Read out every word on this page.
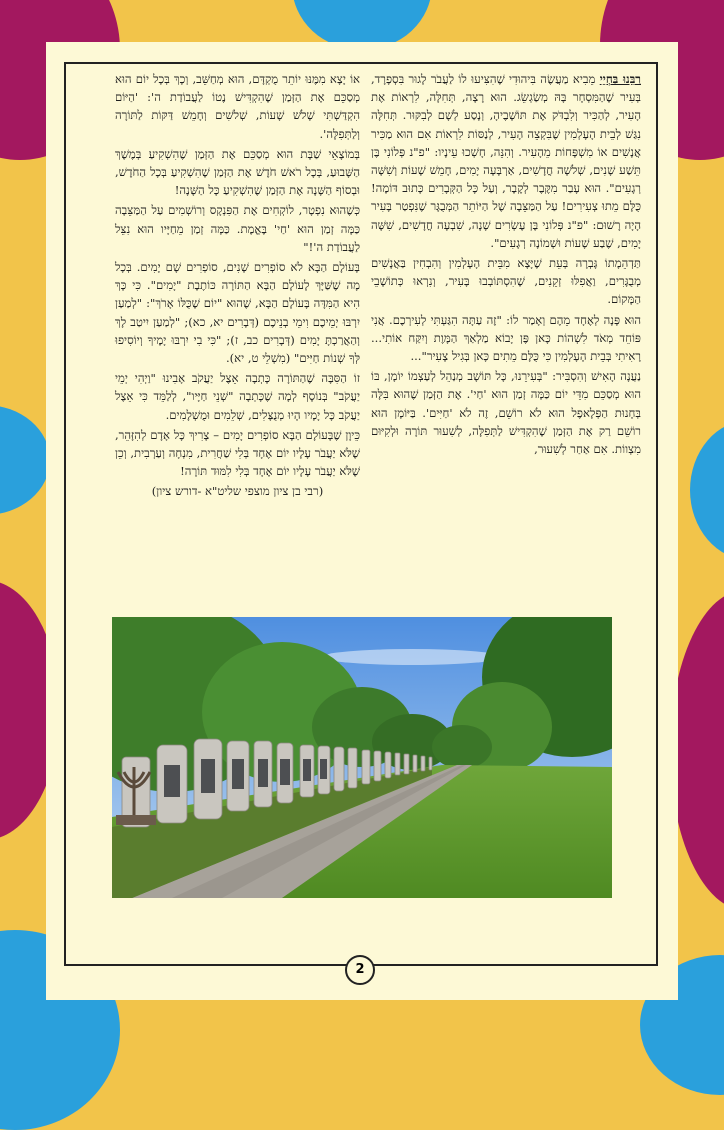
רַבֵּנוּ בַּחְיֵי מֵבִיא מַעֲשֶׂה בִּיהוּדִי שֶׁהִצִּיעוּ לוֹ לַעֲבֹר לָגוּר בִּסְפָרָד, בְּעִיר שֶׁהַמִּסְחָר בָּהּ מְשַׂגְשֵׂג. הוּא רָצָה, תְּחִלָּה, לִרְאוֹת אֶת הָעִיר, לְהַכִּיר וְלִבְדֹּק אֶת תּוֹשָׁבֶיהָ, וְנָסַע לְשָׁם לְבִקּוּר. תְּחִלָּה נִגַּשׁ לְבֵית הָעָלְמִין שֶׁבִּקְצֵה הָעִיר, לְנַסּוֹת לִרְאוֹת אִם הוּא מַכִּיר אֲנָשִׁים אוֹ מִשְׁפָּחוֹת מֵהָעִיר. וְהִנֵּה, חָשְׁכוּ עֵינָיו: "פ"נ פְּלוֹנִי בֶּן תֵּשַׁע שָׁנִים, שְׁלֹשָׁה חֳדָשִׁים, אַרְבָּעָה יָמִים, חָמֵשׁ שָׁעוֹת וְשִׁשָּׁה רְגָעִים". הוּא עָבַר מִקֶּבֶר לְקֶבֶר, וְעַל כָּל הַקְּבָרִים כָּתוּב דּוֹמֶה! כֻּלָּם מֵתוּ צְעִירִים! עַל הַמַּצֵּבָה שֶׁל הַיּוֹתֵר הַמְּבֻגָּר שֶׁנִּפְטַר בָּעִיר הָיָה רָשׁוּם: "פ"נ פְּלוֹנִי בֶּן עֶשְׂרִים שָׁנָה, שִׁבְעָה חֳדָשִׁים, שִׁשָּׁה יָמִים, שֶׁבַע שָׁעוֹת וּשְׁמוֹנָה רְגָעִים".

תַּדְהֵמָתוֹ גָּבְרָה בְּעֵת שֶׁיָּצָא מִבֵּית הָעָלְמִין וְהִבְחִין בַּאֲנָשִׁים מְבֻגָּרִים, וַאֲפִלּוּ זְקֵנִים, שֶׁהִסְתּוֹבְבוּ בָּעִיר, וְנִרְאוּ כְּתוֹשָׁבֵי הַמָּקוֹם.

הוּא פָּנָה לְאֶחָד מֵהֶם וְאָמַר לוֹ: "זֶה עַתָּה הִגַּעְתִּי לְעִירְכֶם. אֲנִי פּוֹחֵד מְאֹד לִשְׁהוֹת כָּאן פֶּן יָבוֹא מַלְאַךְ הַמָּוֶת וְיִקַּח אוֹתִי... רָאִיתִי בְּבֵית הָעָלְמִין כִּי כֻּלָּם מֵתִים כָּאן בְּגִיל צָעִיר"...

נַעֲנָה הָאִישׁ וְהִסְבִּיר: "בְּעִירֵנוּ, כָּל תּוֹשָׁב מְנַהֵל לְעַצְמוֹ יוֹמָן, בּוֹ הוּא מְסַכֵּם מִדֵּי יוֹם כַּמָּה זְמַן הוּא 'חַי'. אֶת הַזְּמַן שֶׁהוּא בִּלָּה בְּחָנוּת הַפְּלָאפֶל הוּא לֹא רוֹשֵׁם, זֶה לֹא 'חַיִּים'. בַּיּוֹמָן הוּא רוֹשֵׁם רַק אֶת הַזְּמַן שֶׁהִקְדִּישׁ לַתְּפִלָּה, לְשִׁעוּר תּוֹרָה וּלְקִיּוּם מִצְווֹת. אִם אַחַר לְשִׁעוּר,

אוֹ יָצָא מִמֶּנּוּ יוֹתֵר מֻקְדָּם, הוּא מְחַשֵּׁב, וְכָךְ בְּכָל יוֹם הוּא מְסַכֵּם אֶת הַזְּמַן שֶׁהִקְדִּישׁ נֶטוֹ לַעֲבוֹדַת ה': 'הַיּוֹם הִקְדַּשְׁתִּי שָׁלֹשׁ שָׁעוֹת, שְׁלֹשִׁים וְחָמֵשׁ דַּקּוֹת לַתּוֹרָה וְלַתְּפִלָּה'.

בְּמוֹצָאֵי שַׁבָּת הוּא מְסַכֵּם אֶת הַזְּמַן שֶׁהִשְׁקִיעַ בְּמֶשֶׁךְ הַשָּׁבוּעַ, בְּכָל רֹאשׁ חֹדֶשׁ אֶת הַזְּמַן שֶׁהִשְׁקִיעַ בְּכָל הַחֹדֶשׁ, וּבְסוֹף הַשָּׁנָה אֶת הַזְּמַן שֶׁהִשְׁקִיעַ כָּל הַשָּׁנָה!

כְּשֶׁהוּא נִפְטָר, לוֹקְחִים אֶת הַפִּנְקָס וְרוֹשְׁמִים עַל הַמַּצֵּבָה כַּמָּה זְמַן הוּא 'חַי' בֶּאֱמֶת. כַּמָּה זְמַן מֵחַיָּיו הוּא נִצֵּל לַעֲבוֹדַת ה'!"

בָּעוֹלָם הַבָּא לֹא סוֹפְרִים שָׁנִים, סוֹפְרִים שָׁם יָמִים. בְּכָל מָה שֶׁשַּׁיָּךְ לָעוֹלָם הַבָּא הַתּוֹרָה כּוֹתֶבֶת "יָמִים". כִּי כָּךְ הִיא הַמִּדָּה בָּעוֹלָם הַבָּא, שֶׁהוּא "יוֹם שֶׁכֻּלּוֹ אָרֹךְ": "לְמַעַן יִרְבּוּ יְמֵיכֶם וִימֵי בְנֵיכֶם (דְּבָרִים יא, כא); "לְמַעַן יִיטַב לָךְ וְהַאֲרַכְתָּ יָמִים (דְּבָרִים כב, ז); "כִּי בִי יִרְבּוּ יָמֶיךָ וְיוֹסִיפוּ לְּךָ שְׁנוֹת חַיִּים" (מִשְׁלֵי ט, יא).

זוֹ הַסִּבָּה שֶׁהַתּוֹרָה כָּתְבָה אֵצֶל יַעֲקֹב אָבִינוּ "וַיְהִי יְמֵי יַעֲקֹב" בְּנוֹסָף לְמָה שֶׁכָּתְבָה "שְׁנֵי חַיָּיו", לְלַמֵּד כִּי אֵצֶל יַעֲקֹב כָּל יָמָיו הָיוּ מְנֻצָּלִים, שְׁלֵמִים וּמֻשְׁלָמִים.

כֵּיוָן שֶׁבָּעוֹלָם הַבָּא סוֹפְרִים יָמִים – צָרִיךְ כָּל אָדָם לְהִזָּהֵר, שֶׁלֹּא יַעֲבֹר עָלָיו יוֹם אֶחָד בְּלִי שַׁחֲרִית, מִנְחָה וְעַרְבִית, וְכֵן שֶׁלֹּא יַעֲבֹר עָלָיו יוֹם אֶחָד בְּלִי לִמּוּד תּוֹרָה!

(רבי בן ציון מוצפי שליט"א -דורש ציון)
2
